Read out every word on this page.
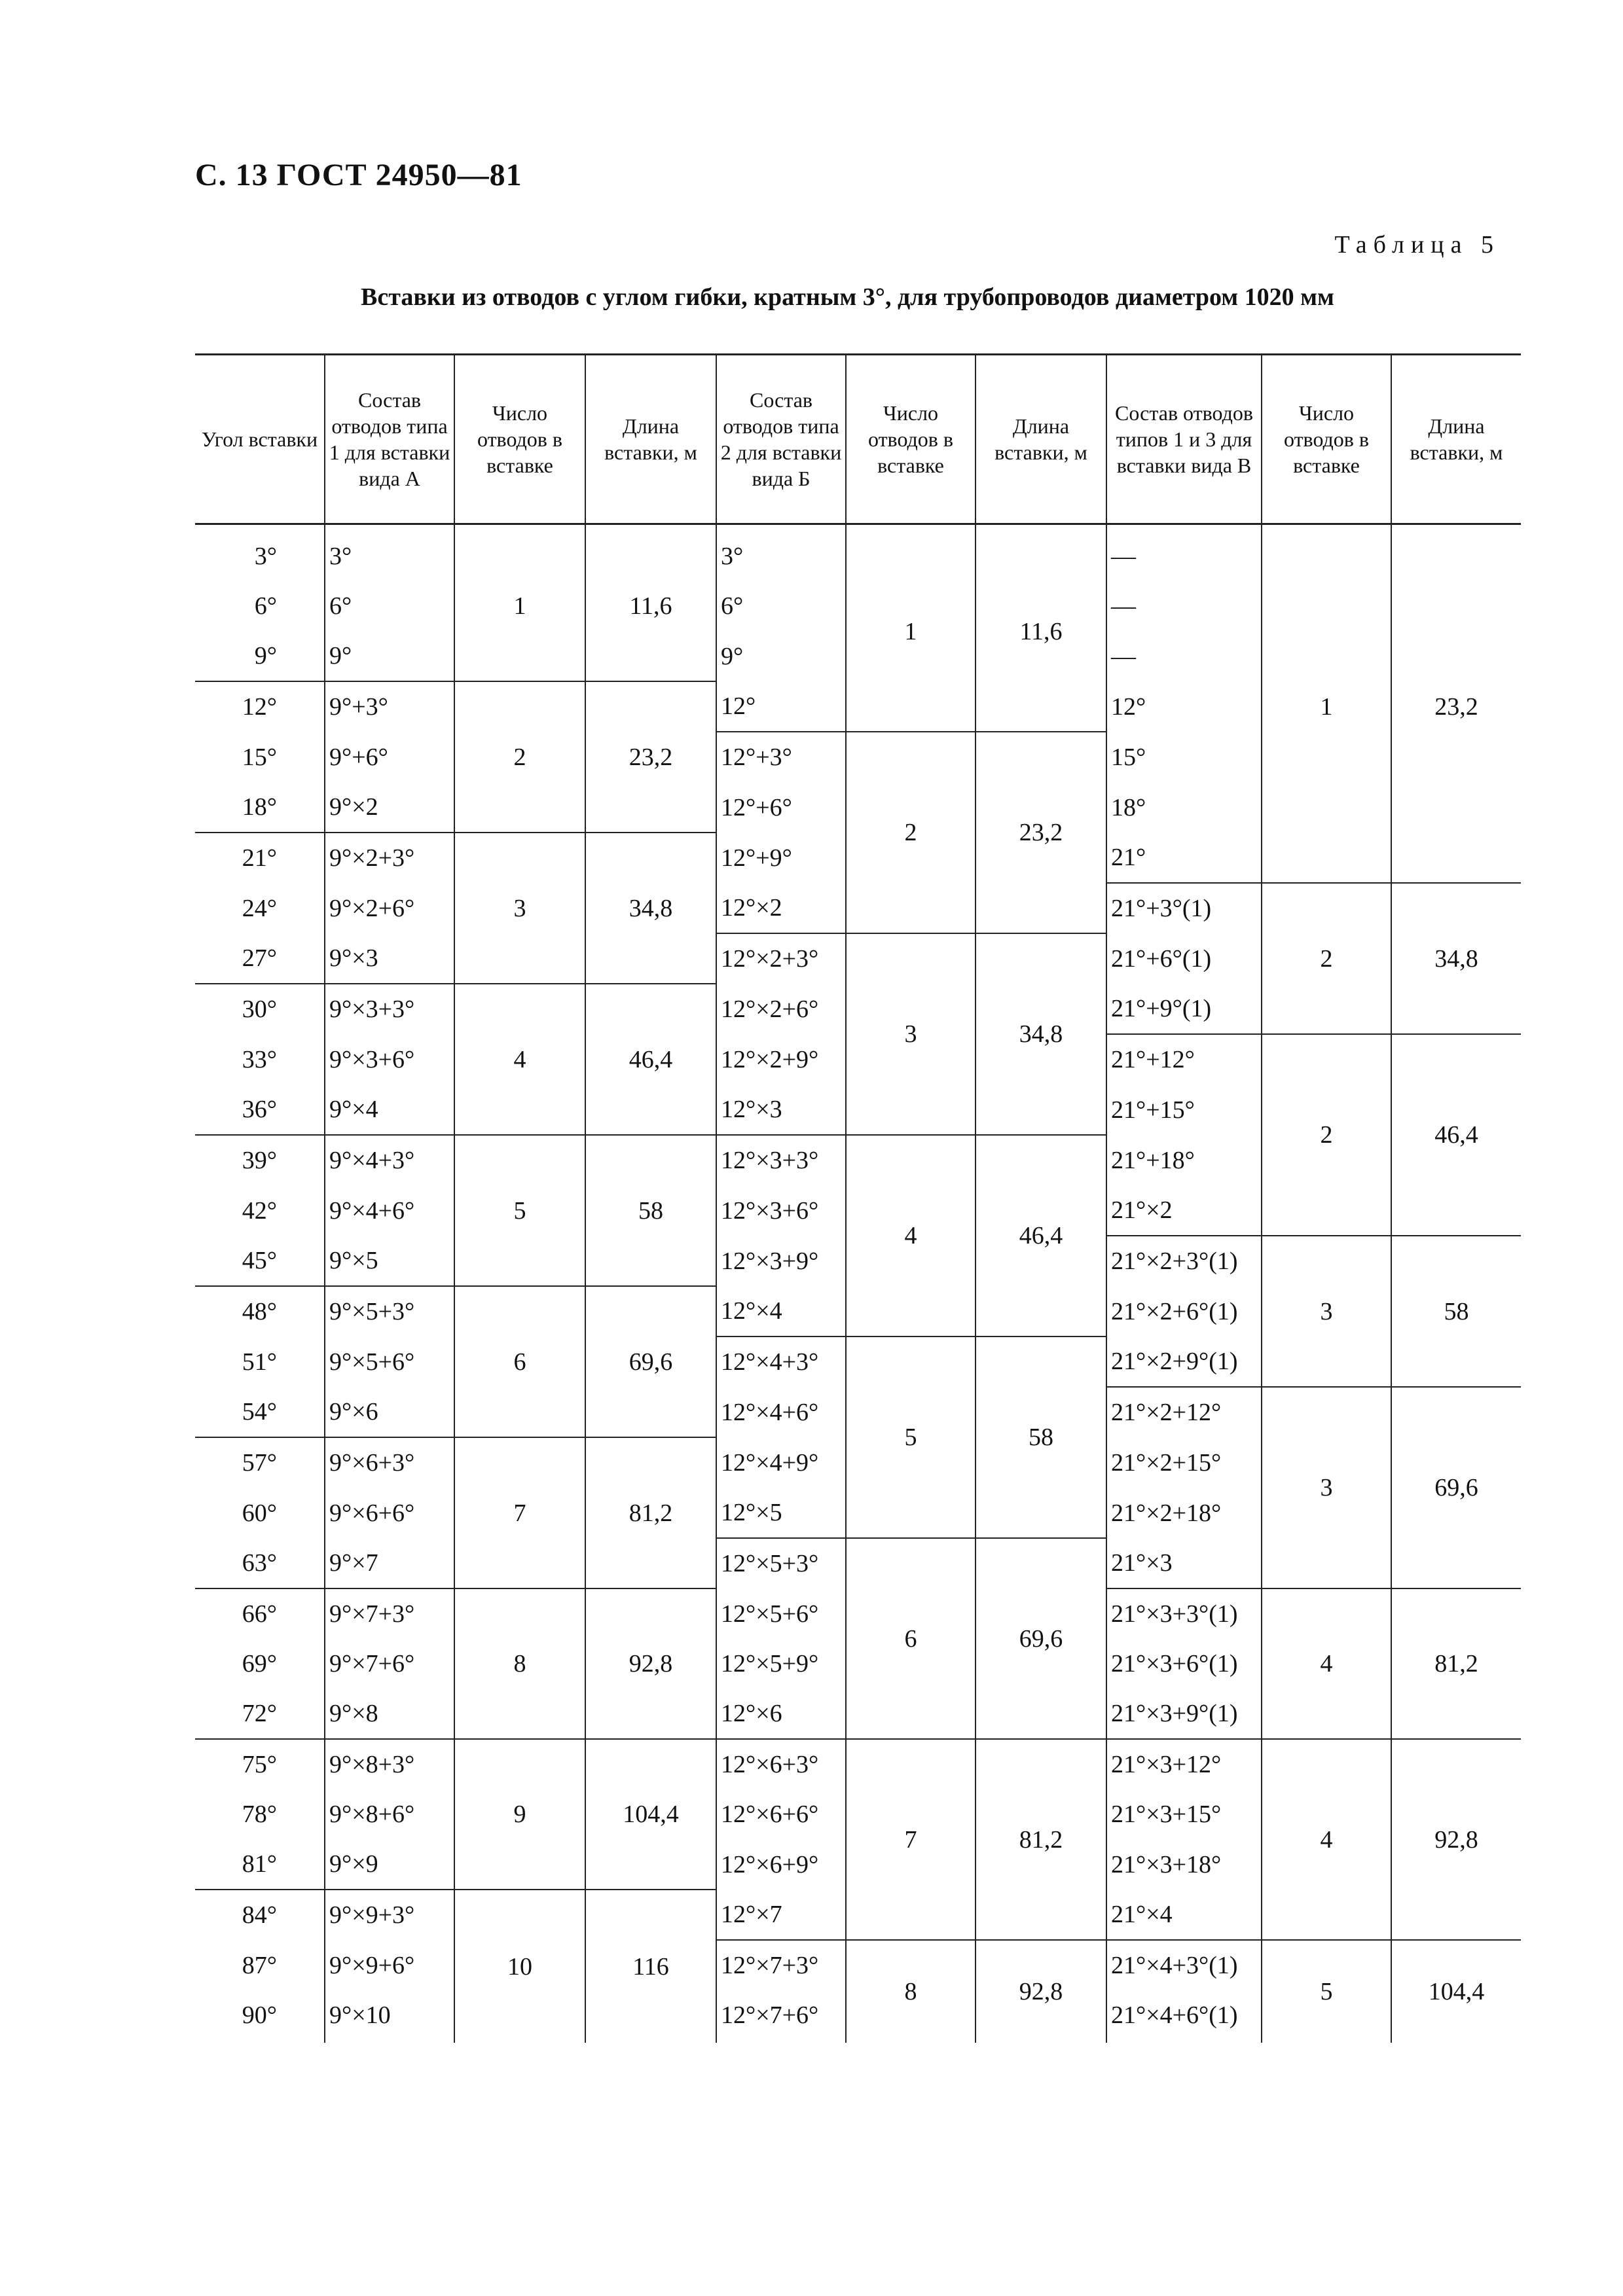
С. 13 ГОСТ 24950—81
Таблица 5
Вставки из отводов с углом гибки, кратным 3°, для трубопроводов диаметром 1020 мм
Угол вставки	Состав отводов типа 1 для вставки вида А	Число отводов в вставке	Длина вставки, м	Состав отводов типа 2 для вставки вида Б	Число отводов в вставке	Длина вставки, м	Состав отводов типов 1 и 3 для вставки вида В	Число отводов в вставке	Длина вставки, м
3°	3°	1	11,6	3°	1	11,6	—	1	23,2
6°	6°			6°			—		
9°	9°			9°			—		
12°	9°+3°	2	23,2	12°			12°		
15°	9°+6°			12°+3°	2	23,2	15°		
18°	9°×2			12°+6°			18°		
21°	9°×2+3°	3	34,8	12°+9°			21°		
24°	9°×2+6°			12°×2			21°+3°(1)	2	34,8
27°	9°×3			12°×2+3°	3	34,8	21°+6°(1)		
30°	9°×3+3°	4	46,4	12°×2+6°			21°+9°(1)		
33°	9°×3+6°			12°×2+9°			21°+12°	2	46,4
36°	9°×4			12°×3			21°+15°		
39°	9°×4+3°	5	58	12°×3+3°	4	46,4	21°+18°		
42°	9°×4+6°			12°×3+6°			21°×2		
45°	9°×5			12°×3+9°			21°×2+3°(1)	3	58
48°	9°×5+3°	6	69,6	12°×4			21°×2+6°(1)		
51°	9°×5+6°			12°×4+3°	5	58	21°×2+9°(1)		
54°	9°×6			12°×4+6°			21°×2+12°	3	69,6
57°	9°×6+3°	7	81,2	12°×4+9°			21°×2+15°		
60°	9°×6+6°			12°×5			21°×2+18°		
63°	9°×7			12°×5+3°	6	69,6	21°×3		
66°	9°×7+3°	8	92,8	12°×5+6°			21°×3+3°(1)	4	81,2
69°	9°×7+6°			12°×5+9°			21°×3+6°(1)		
72°	9°×8			12°×6			21°×3+9°(1)		
75°	9°×8+3°	9	104,4	12°×6+3°	7	81,2	21°×3+12°	4	92,8
78°	9°×8+6°			12°×6+6°			21°×3+15°		
81°	9°×9			12°×6+9°			21°×3+18°		
84°	9°×9+3°	10	116	12°×7			21°×4		
87°	9°×9+6°			12°×7+3°	8	92,8	21°×4+3°(1)	5	104,4
90°	9°×10			12°×7+6°			21°×4+6°(1)		
